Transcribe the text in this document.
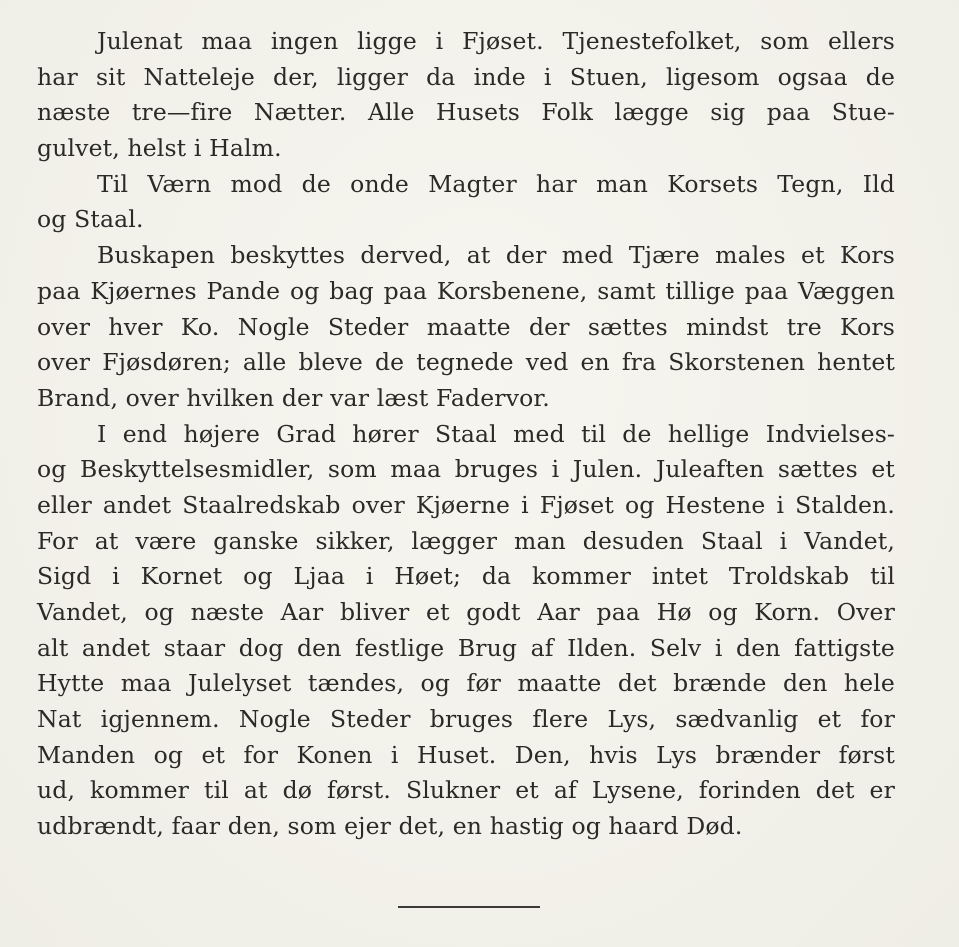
Julenat maa ingen ligge i Fjøset. Tjenestefolket, som ellers
har sit Natteleje der, ligger da inde i Stuen, ligesom ogsaa de
næste tre—fire Nætter. Alle Husets Folk lægge sig paa Stue-
gulvet, helst i Halm.
Til Værn mod de onde Magter har man Korsets Tegn, Ild
og Staal.
Buskapen beskyttes derved, at der med Tjære males et Kors
paa Kjøernes Pande og bag paa Korsbenene, samt tillige paa Væggen
over hver Ko. Nogle Steder maatte der sættes mindst tre Kors
over Fjøsdøren; alle bleve de tegnede ved en fra Skorstenen hentet
Brand, over hvilken der var læst Fadervor.
I end højere Grad hører Staal med til de hellige Indvielses-
og Beskyttelsesmidler, som maa bruges i Julen. Juleaften sættes et
eller andet Staalredskab over Kjøerne i Fjøset og Hestene i Stalden.
For at være ganske sikker, lægger man desuden Staal i Vandet,
Sigd i Kornet og Ljaa i Høet; da kommer intet Troldskab til
Vandet, og næste Aar bliver et godt Aar paa Hø og Korn. Over
alt andet staar dog den festlige Brug af Ilden. Selv i den fattigste
Hytte maa Julelyset tændes, og før maatte det brænde den hele
Nat igjennem. Nogle Steder bruges flere Lys, sædvanlig et for
Manden og et for Konen i Huset. Den, hvis Lys brænder først
ud, kommer til at dø først. Slukner et af Lysene, forinden det er
udbrændt, faar den, som ejer det, en hastig og haard Død.
